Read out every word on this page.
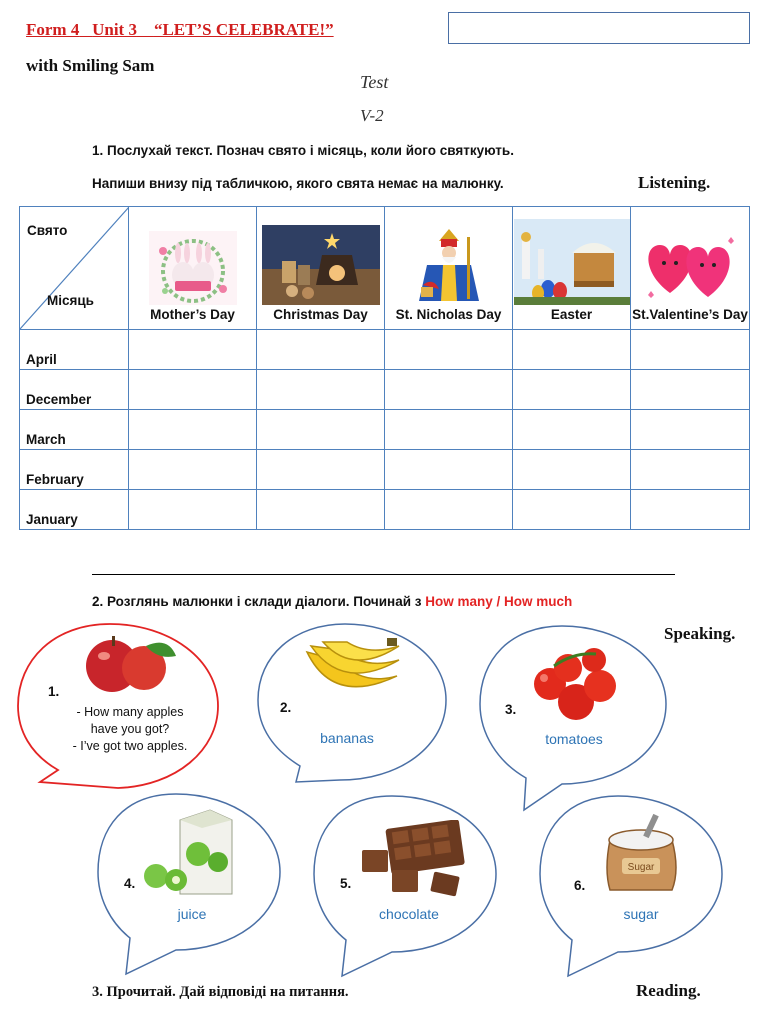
Form 4 Unit 3 “LET’S CELEBRATE!”
with Smiling Sam
Test
V-2
1. Послухай текст. Познач свято і місяць, коли його святкують.
Напиши внизу під табличкою, якого свята немає на малюнку.	Listening.
Свято
Місяць	Mother’s Day	Christmas Day	St. Nicholas Day	Easter	St.Valentine’s Day

April					
December					
March					
February					
January					
2. Розглянь малюнки і склади діалоги. Починай з How many / How much
Speaking.
1.
- How many apples
have you got?
- I’ve got two apples.
2.
bananas
3.
tomatoes
4.
juice
5.
chocolate
Sugar
6.
sugar
3. Прочитай. Дай відповіді на питання.	Reading.
